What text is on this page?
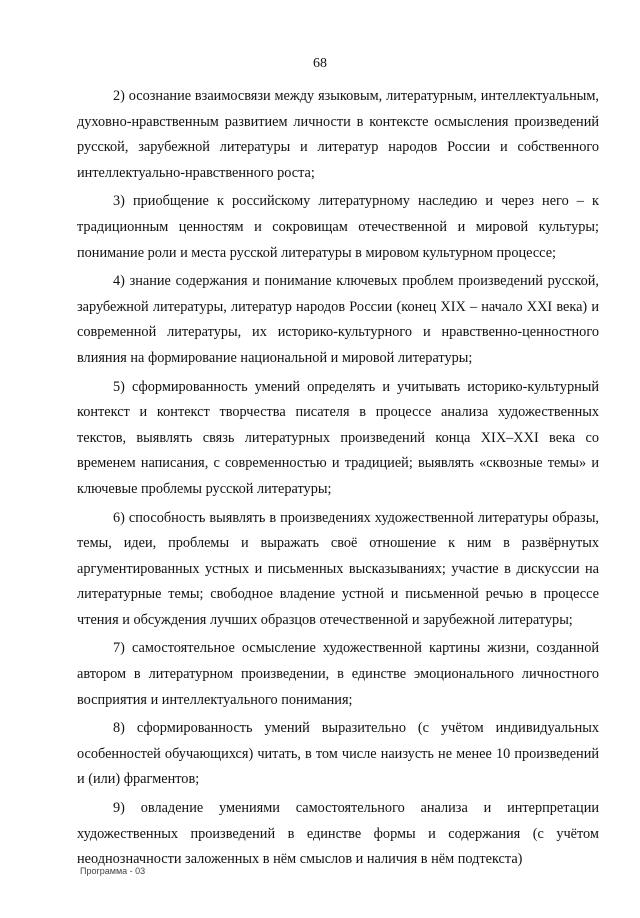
68

2) осознание взаимосвязи между языковым, литературным, интеллектуальным, духовно-нравственным развитием личности в контексте осмысления произведений русской, зарубежной литературы и литератур народов России и собственного интеллектуально-нравственного роста;

3) приобщение к российскому литературному наследию и через него – к традиционным ценностям и сокровищам отечественной и мировой культуры; понимание роли и места русской литературы в мировом культурном процессе;

4) знание содержания и понимание ключевых проблем произведений русской, зарубежной литературы, литератур народов России (конец XIX – начало XXI века) и современной литературы, их историко-культурного и нравственно-ценностного влияния на формирование национальной и мировой литературы;

5) сформированность умений определять и учитывать историко-культурный контекст и контекст творчества писателя в процессе анализа художественных текстов, выявлять связь литературных произведений конца XIX–XXI века со временем написания, с современностью и традицией; выявлять «сквозные темы» и ключевые проблемы русской литературы;

6) способность выявлять в произведениях художественной литературы образы, темы, идеи, проблемы и выражать своё отношение к ним в развёрнутых аргументированных устных и письменных высказываниях; участие в дискуссии на литературные темы; свободное владение устной и письменной речью в процессе чтения и обсуждения лучших образцов отечественной и зарубежной литературы;

7) самостоятельное осмысление художественной картины жизни, созданной автором в литературном произведении, в единстве эмоционального личностного восприятия и интеллектуального понимания;

8) сформированность умений выразительно (с учётом индивидуальных особенностей обучающихся) читать, в том числе наизусть не менее 10 произведений и (или) фрагментов;

9) овладение умениями самостоятельного анализа и интерпретации художественных произведений в единстве формы и содержания (с учётом неоднозначности заложенных в нём смыслов и наличия в нём подтекста)

Программа - 03
